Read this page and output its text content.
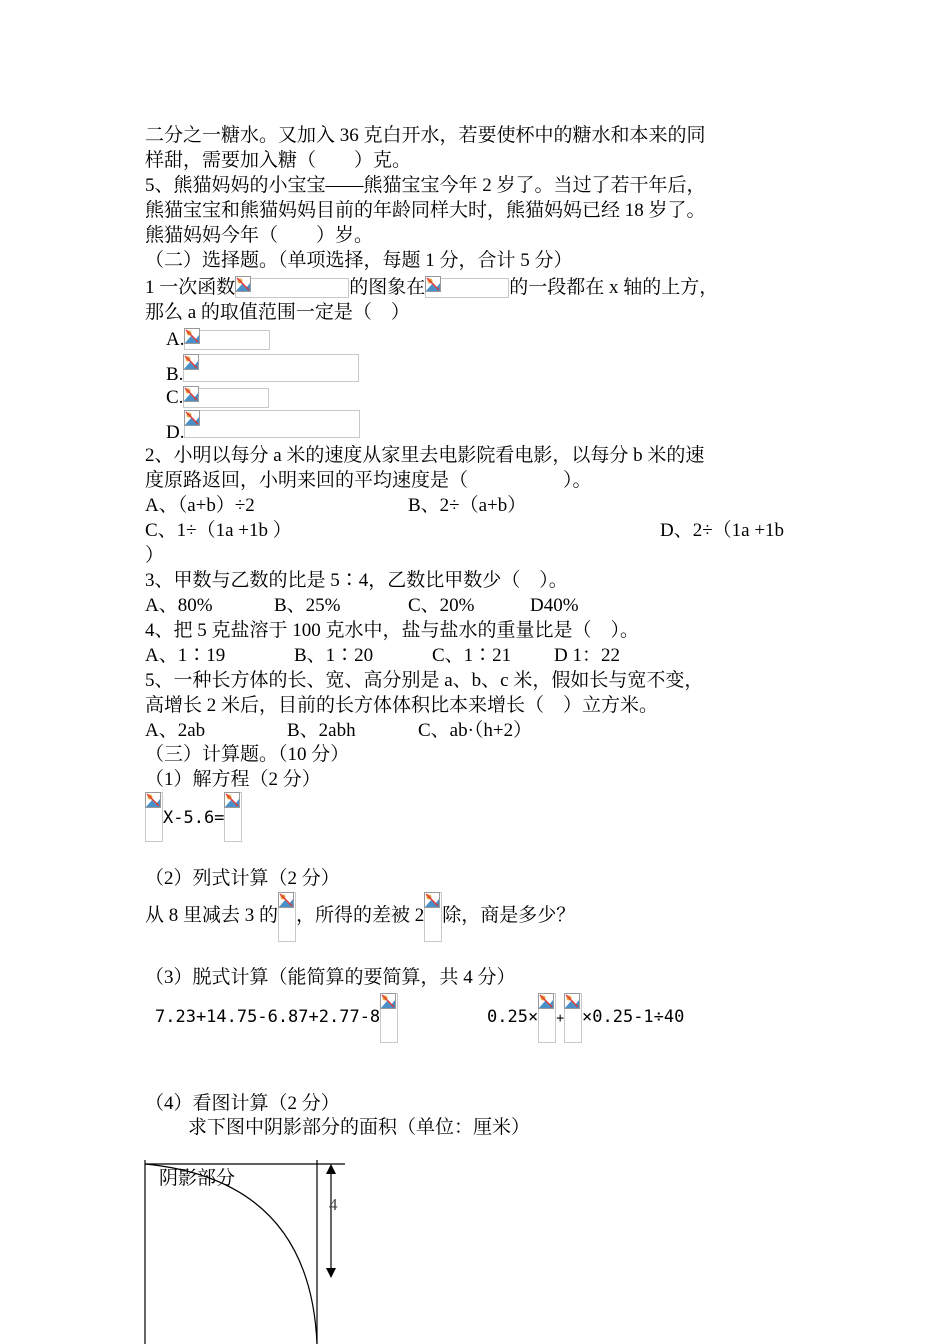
二分之一糖水。又加入 36 克白开水，若要使杯中的糖水和本来的同
样甜，需要加入糖（　　）克。
5、熊猫妈妈的小宝宝——熊猫宝宝今年 2 岁了。当过了若干年后，
熊猫宝宝和熊猫妈妈目前的年龄同样大时，熊猫妈妈已经 18 岁了。
熊猫妈妈今年（　　）岁。
（二）选择题。（单项选择，每题 1 分，合计 5 分）
1 一次函数	的图象在	的一段都在 x 轴的上方，
那么 a 的取值范围一定是（　）
A.
B.
C.
D.
2、小明以每分 a 米的速度从家里去电影院看电影，以每分 b 米的速
度原路返回，小明来回的平均速度是（　　　　　）。
A、（a+b）÷2	B、2÷（a+b）
C、1÷（1a +1b ）	D、2÷（1a +1b
）
3、甲数与乙数的比是 5∶4，乙数比甲数少（　）。
A、80%	B、25%	C、20%	D40%
4、把 5 克盐溶于 100 克水中，盐与盐水的重量比是（　）。
A、1∶19	B、1∶20	C、1∶21 D 1：22
5、一种长方体的长、宽、高分别是 a、b、c 米，假如长与宽不变，
高增长 2 米后，目前的长方体体积比本来增长（　）立方米。
A、2ab	B、2abh	C、ab·（h+2）
（三）计算题。（10 分）
（1）解方程（2 分）
X-5.6=
（2）列式计算（2 分）
从 8 里减去 3 的 ，所得的差被 2 除，商是多少？
（3）脱式计算（能简算的要简算，共 4 分）
7.23+14.75-6.87+2.77-8	0.25× + ×0.25-1÷40
（4）看图计算（2 分）
求下图中阴影部分的面积（单位：厘米）
阴影部分
4
